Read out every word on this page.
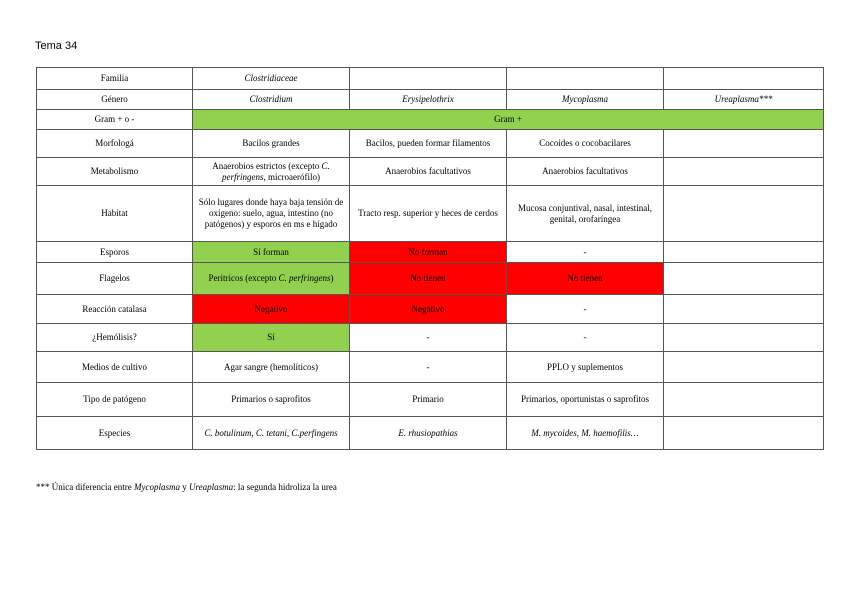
Tema 34
Familia	Clostridiaceae			
Género	Clostridium	Erysipelothrix	Mycoplasma	Ureaplasma***
Gram + o -	Gram +			
Morfologá	Bacilos grandes	Bacilos, pueden formar filamentos	Cocoides o cocobacilares	
Metabolismo	Anaerobios estrictos (excepto C. perfringens, microaerófilo)	Anaerobios facultativos	Anaerobios facultativos	
Habitat	Sólo lugares donde haya baja tensión de oxígeno: suelo, agua, intestino (no patógenos) y esporos en ms e hígado	Tracto resp. superior y heces de cerdos	Mucosa conjuntival, nasal, intestinal, genital, orofaríngea	
Esporos	Sí forman	No forman	-	
Flagelos	Peritricos (excepto C. perfringens)	No tienen	No tienen	
Reacción catalasa	Negativo	Negativo	-	
¿Hemólisis?	Sí	-	-	
Medios de cultivo	Agar sangre (hemolíticos)	-	PPLO y suplementos	
Tipo de patógeno	Primarios o saprofitos	Primario	Primarios, oportunistas o saprofitos	
Especies	C. botulinum, C. tetani, C.perfingens	E. rhusiopathias	M. mycoides, M. haemofilis…	
*** Única diferencia entre Mycoplasma y Ureaplasma: la segunda hidroliza la urea
